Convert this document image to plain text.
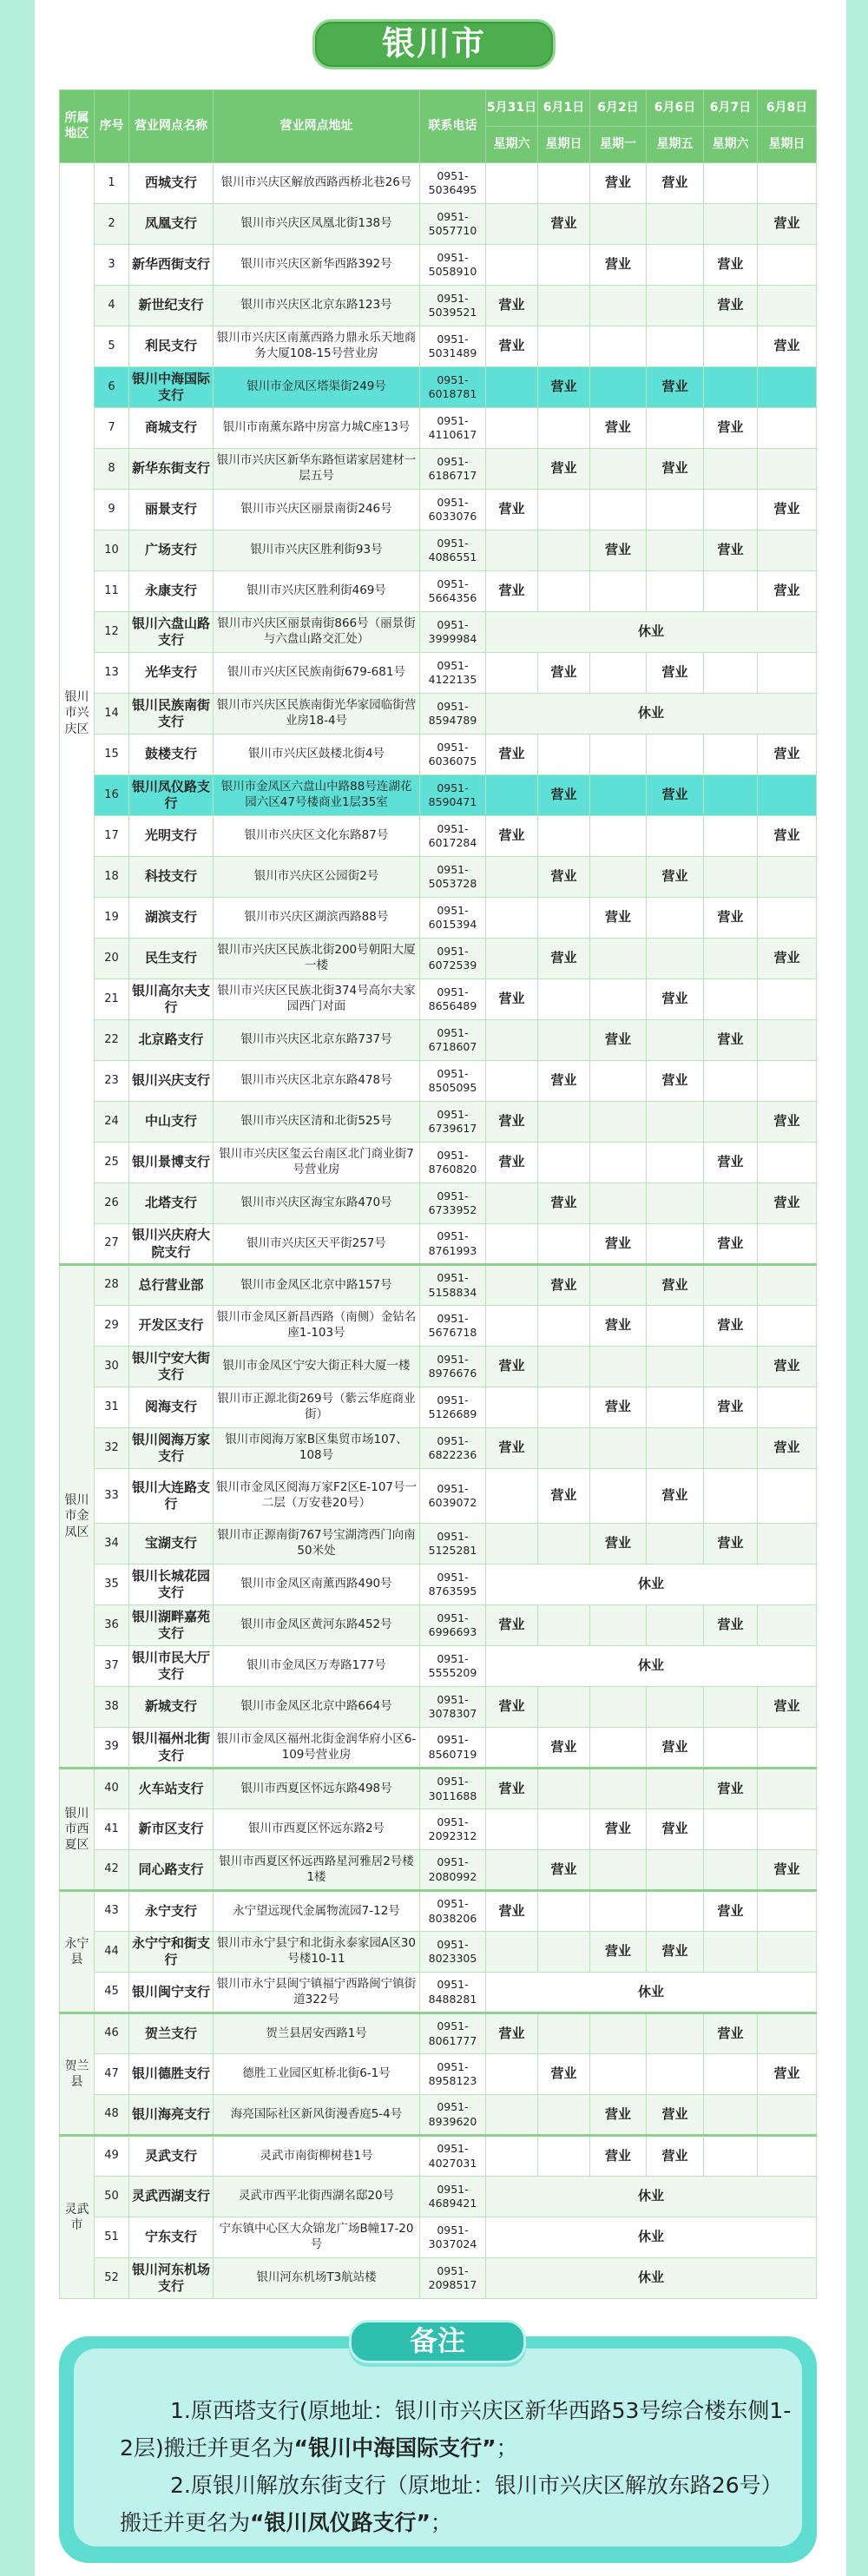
银川市
所属地区	序号	营业网点名称	营业网点地址	联系电话	5月31日	6月1日	6月2日	6月6日	6月7日	6月8日
					星期六	星期日	星期一	星期五	星期六	星期日
银川市兴庆区	1	西城支行	银川市兴庆区解放西路西桥北巷26号	0951-5036495			营业	营业		
	2	凤凰支行	银川市兴庆区凤凰北街138号	0951-5057710		营业				营业
	3	新华西街支行	银川市兴庆区新华西路392号	0951-5058910			营业		营业	
	4	新世纪支行	银川市兴庆区北京东路123号	0951-5039521	营业				营业	
	5	利民支行	银川市兴庆区南薰西路力鼎永乐天地商务大厦108-15号营业房	0951-5031489	营业					营业
	6	银川中海国际支行	银川市金凤区塔渠街249号	0951-6018781		营业		营业		
	7	商城支行	银川市南薰东路中房富力城C座13号	0951-4110617			营业		营业	
	8	新华东街支行	银川市兴庆区新华东路恒诺家居建材一层五号	0951-6186717		营业		营业		
	9	丽景支行	银川市兴庆区丽景南街246号	0951-6033076	营业					营业
	10	广场支行	银川市兴庆区胜利街93号	0951-4086551			营业		营业	
	11	永康支行	银川市兴庆区胜利街469号	0951-5664356	营业					营业
	12	银川六盘山路支行	银川市兴庆区丽景南街866号（丽景街与六盘山路交汇处）	0951-3999984	休业					
	13	光华支行	银川市兴庆区民族南街679-681号	0951-4122135		营业		营业		
	14	银川民族南街支行	银川市兴庆区民族南街光华家园临街营业房18-4号	0951-8594789	休业					
	15	鼓楼支行	银川市兴庆区鼓楼北街4号	0951-6036075	营业					营业
	16	银川凤仪路支行	银川市金凤区六盘山中路88号连湖花园六区47号楼商业1层35室	0951-8590471		营业		营业		
	17	光明支行	银川市兴庆区文化东路87号	0951-6017284	营业					营业
	18	科技支行	银川市兴庆区公园街2号	0951-5053728		营业		营业		
	19	湖滨支行	银川市兴庆区湖滨西路88号	0951-6015394			营业		营业	
	20	民生支行	银川市兴庆区民族北街200号朝阳大厦一楼	0951-6072539		营业				营业
	21	银川高尔夫支行	银川市兴庆区民族北街374号高尔夫家园西门对面	0951-8656489	营业			营业		
	22	北京路支行	银川市兴庆区北京东路737号	0951-6718607			营业		营业	
	23	银川兴庆支行	银川市兴庆区北京东路478号	0951-8505095		营业		营业		
	24	中山支行	银川市兴庆区清和北街525号	0951-6739617	营业					营业
	25	银川景博支行	银川市兴庆区玺云台南区北门商业街7号营业房	0951-8760820	营业				营业	
	26	北塔支行	银川市兴庆区海宝东路470号	0951-6733952		营业				营业
	27	银川兴庆府大院支行	银川市兴庆区天平街257号	0951-8761993			营业		营业	
银川市金凤区	28	总行营业部	银川市金凤区北京中路157号	0951-5158834		营业		营业		
	29	开发区支行	银川市金凤区新昌西路（南侧）金钻名座1-103号	0951-5676718			营业		营业	
	30	银川宁安大街支行	银川市金凤区宁安大街正科大厦一楼	0951-8976676	营业					营业
	31	阅海支行	银川市正源北街269号（紫云华庭商业街）	0951-5126689			营业		营业	
	32	银川阅海万家支行	银川市阅海万家B区集贸市场107、108号	0951-6822236	营业					营业
	33	银川大连路支行	银川市金凤区阅海万家F2区E-107号一二层（万安巷20号）	0951-6039072		营业		营业		
	34	宝湖支行	银川市正源南街767号宝湖湾西门向南50米处	0951-5125281			营业		营业	
	35	银川长城花园支行	银川市金凤区南薰西路490号	0951-8763595	休业					
	36	银川湖畔嘉苑支行	银川市金凤区黄河东路452号	0951-6996693	营业				营业	
	37	银川市民大厅支行	银川市金凤区万寿路177号	0951-5555209	休业					
	38	新城支行	银川市金凤区北京中路664号	0951-3078307	营业					营业
	39	银川福州北街支行	银川市金凤区福州北街金润华府小区6-109号营业房	0951-8560719		营业		营业		
银川市西夏区	40	火车站支行	银川市西夏区怀远东路498号	0951-3011688	营业				营业	
	41	新市区支行	银川市西夏区怀远东路2号	0951-2092312			营业	营业		
	42	同心路支行	银川市西夏区怀远西路星河雅居2号楼1楼	0951-2080992		营业				营业
永宁县	43	永宁支行	永宁望远现代金属物流园7-12号	0951-8038206	营业				营业	
	44	永宁宁和街支行	银川市永宁县宁和北街永泰家园A区30号楼10-11	0951-8023305			营业	营业		
	45	银川闽宁支行	银川市永宁县闽宁镇福宁西路闽宁镇街道322号	0951-8488281	休业					
贺兰县	46	贺兰支行	贺兰县居安西路1号	0951-8061777	营业				营业	
	47	银川德胜支行	德胜工业园区虹桥北街6-1号	0951-8958123		营业				营业
	48	银川海亮支行	海亮国际社区新风街漫香庭5-4号	0951-8939620			营业	营业		
灵武市	49	灵武支行	灵武市南街柳树巷1号	0951-4027031			营业	营业		
	50	灵武西湖支行	灵武市西平北街西湖名邸20号	0951-4689421	休业					
	51	宁东支行	宁东镇中心区大众锦龙广场B幢17-20号	0951-3037024	休业					
	52	银川河东机场支行	银川河东机场T3航站楼	0951-2098517	休业					

1.原西塔支行(原地址：银川市兴庆区新华西路53号综合楼东侧1-2层)搬迁并更名为“银川中海国际支行”；

2.原银川解放东街支行（原地址：银川市兴庆区解放东路26号）搬迁并更名为“银川凤仪路支行”；

备注
